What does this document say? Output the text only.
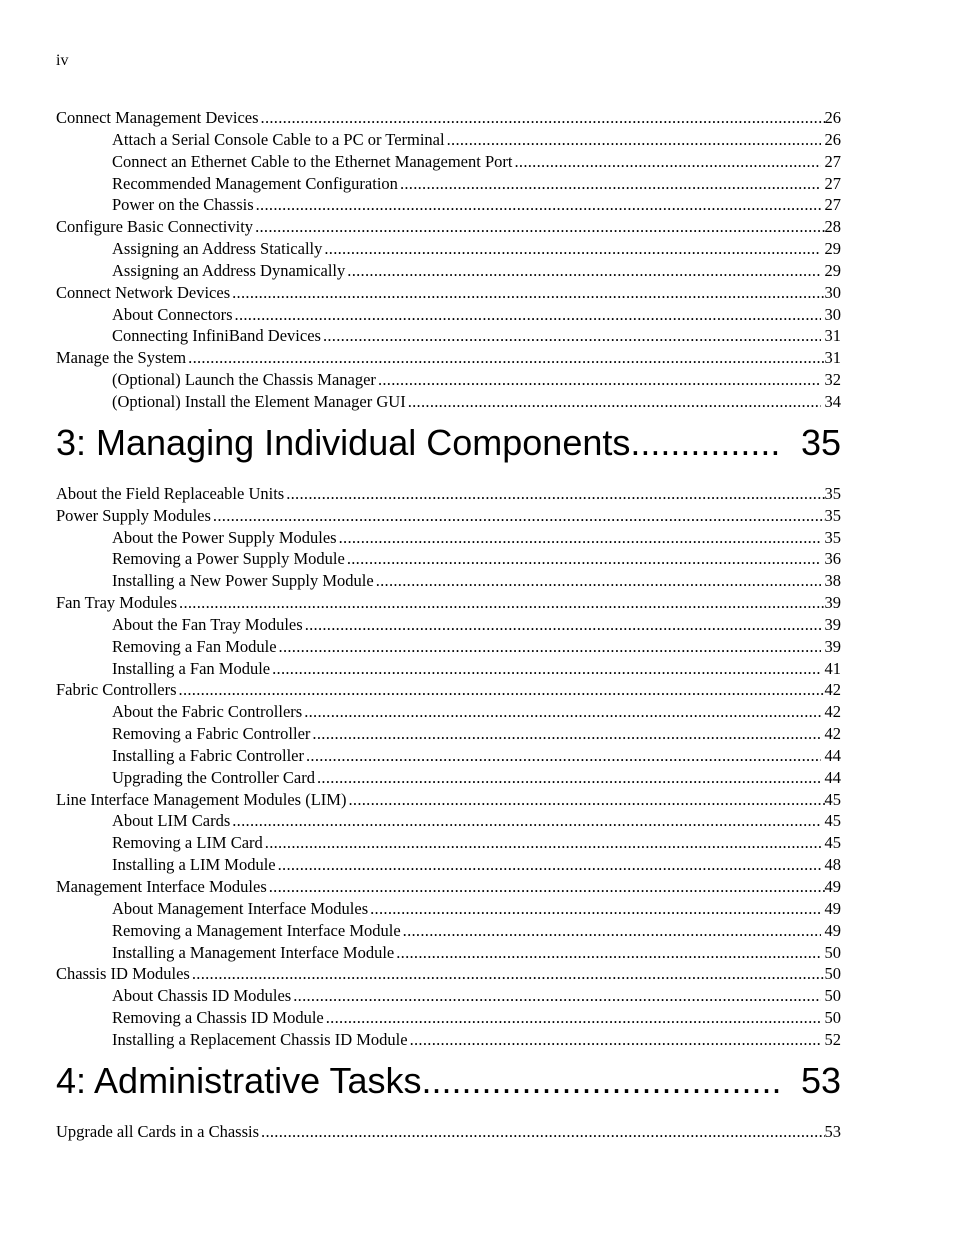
iv
Connect Management Devices .....	26
Attach a Serial Console Cable to a PC or Terminal .....	26
Connect an Ethernet Cable to the Ethernet Management Port .....	27
Recommended Management Configuration .....	27
Power on the Chassis .....	27
Configure Basic Connectivity .....	28
Assigning an Address Statically .....	29
Assigning an Address Dynamically .....	29
Connect Network Devices .....	30
About Connectors .....	30
Connecting InfiniBand Devices .....	31
Manage the System .....	31
(Optional) Launch the Chassis Manager .....	32
(Optional) Install the Element Manager GUI .....	34
3: Managing Individual Components .....	35
About the Field Replaceable Units .....	35
Power Supply Modules .....	35
About the Power Supply Modules .....	35
Removing a Power Supply Module .....	36
Installing a New Power Supply Module .....	38
Fan Tray Modules .....	39
About the Fan Tray Modules .....	39
Removing a Fan Module .....	39
Installing a Fan Module .....	41
Fabric Controllers .....	42
About the Fabric Controllers .....	42
Removing a Fabric Controller .....	42
Installing a Fabric Controller .....	44
Upgrading the Controller Card .....	44
Line Interface Management Modules (LIM) .....	45
About LIM Cards .....	45
Removing a LIM Card .....	45
Installing a LIM Module .....	48
Management Interface Modules .....	49
About Management Interface Modules .....	49
Removing a Management Interface Module .....	49
Installing a Management Interface Module .....	50
Chassis ID Modules .....	50
About Chassis ID Modules .....	50
Removing a Chassis ID Module .....	50
Installing a Replacement Chassis ID Module .....	52
4: Administrative Tasks .....	53
Upgrade all Cards in a Chassis .....	53
